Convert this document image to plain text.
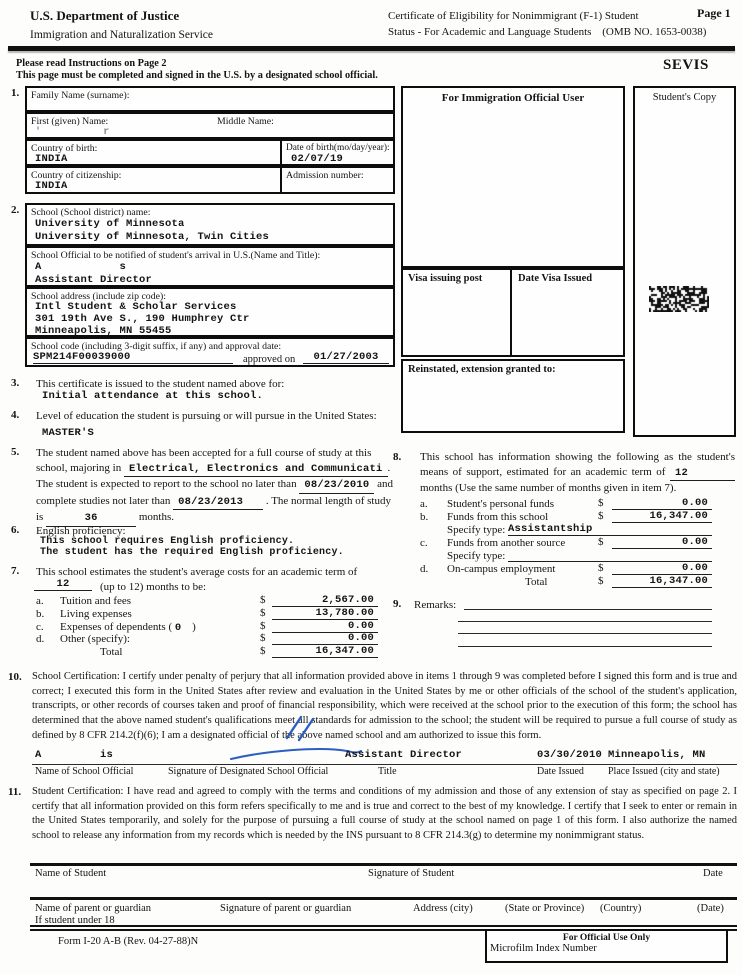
U.S. Department of Justice
Immigration and Naturalization Service
Certificate of Eligibility for Nonimmigrant (F-1) Student
Status - For Academic and Language Students (OMB NO. 1653-0038)
Page 1
Please read Instructions on Page 2
This page must be completed and signed in the U.S. by a designated school official.
SEVIS
For Immigration Official User
Visa issuing post	Date Visa Issued
Reinstated, extension granted to:
Student's Copy
1. Family Name (surname):
First (given) Name:	Middle Name:
'          r
Country of birth:
INDIA
Date of birth(mo/day/year):
02/07/19
Country of citizenship:
INDIA
Admission number:
2. School (School district) name:
University of Minnesota
University of Minnesota, Twin Cities
School Official to be notified of student's arrival in U.S.(Name and Title):
A            s
Assistant Director
School address (include zip code):
Intl Student & Scholar Services
301 19th Ave S., 190 Humphrey Ctr
Minneapolis, MN 55455
School code (including 3-digit suffix, if any) and approval date:
SPM214F00039000	approved on	01/27/2003
3. This certificate is issued to the student named above for:
Initial attendance at this school.
4. Level of education the student is pursuing or will pursue in the United States:
MASTER'S
5. The student named above has been accepted for a full course of study at this school, majoring in Electrical, Electronics and Communicati . The student is expected to report to the school no later than 08/23/2010 and complete studies not later than 08/23/2013 . The normal length of study is	36	months.
6. English proficiency:
This school requires English proficiency.
The student has the required English proficiency.
7. This school estimates the student's average costs for an academic term of
12	(up to 12) months to be:
a. Tuition and fees	$	2,567.00
b. Living expenses	$	13,780.00
c. Expenses of dependents ( 0 )	$	0.00
d. Other (specify):	$	0.00
Total	$	16,347.00
8. This school has information showing the following as the student's means of support, estimated for an academic term of 12 months (Use the same number of months given in item 7).
a. Student's personal funds	$	0.00
b. Funds from this school	$	16,347.00
Specify type: Assistantship
c. Funds from another source	$	0.00
Specify type:
d. On-campus employment	$	0.00
Total	$	16,347.00
9. Remarks:
10. School Certification: I certify under penalty of perjury that all information provided above in items 1 through 9 was completed before I signed this form and is true and correct; I executed this form in the United States after review and evaluation in the United States by me or other officials of the school of the student's application, transcripts, or other records of courses taken and proof of financial responsibility, which were received at the school prior to the execution of this form; the school has determined that the above named student's qualifications meet all standards for admission to the school; the student will be required to pursue a full course of study as defined by 8 CFR 214.2(f)(6); I am a designated official of the above named school and am authorized to issue this form.
A         is	Assistant Director	03/30/2010 Minneapolis, MN
Name of School Official	Signature of Designated School Official	Title	Date Issued Place Issued (city and state)
11. Student Certification: I have read and agreed to comply with the terms and conditions of my admission and those of any extension of stay as specified on page 2. I certify that all information provided on this form refers specifically to me and is true and correct to the best of my knowledge. I certify that I seek to enter or remain in the United States temporarily, and solely for the purpose of pursuing a full course of study at the school named on page 1 of this form. I also authorize the named school to release any information from my records which is needed by the INS pursuant to 8 CFR 214.3(g) to determine my nonimmigrant status.
Name of Student	Signature of Student	Date
Name of parent or guardian
If student under 18
Signature of parent or guardian	Address (city)	(State or Province) (Country)	(Date)
Form I-20 A-B (Rev. 04-27-88)N	For Official Use Only
Microfilm Index Number
